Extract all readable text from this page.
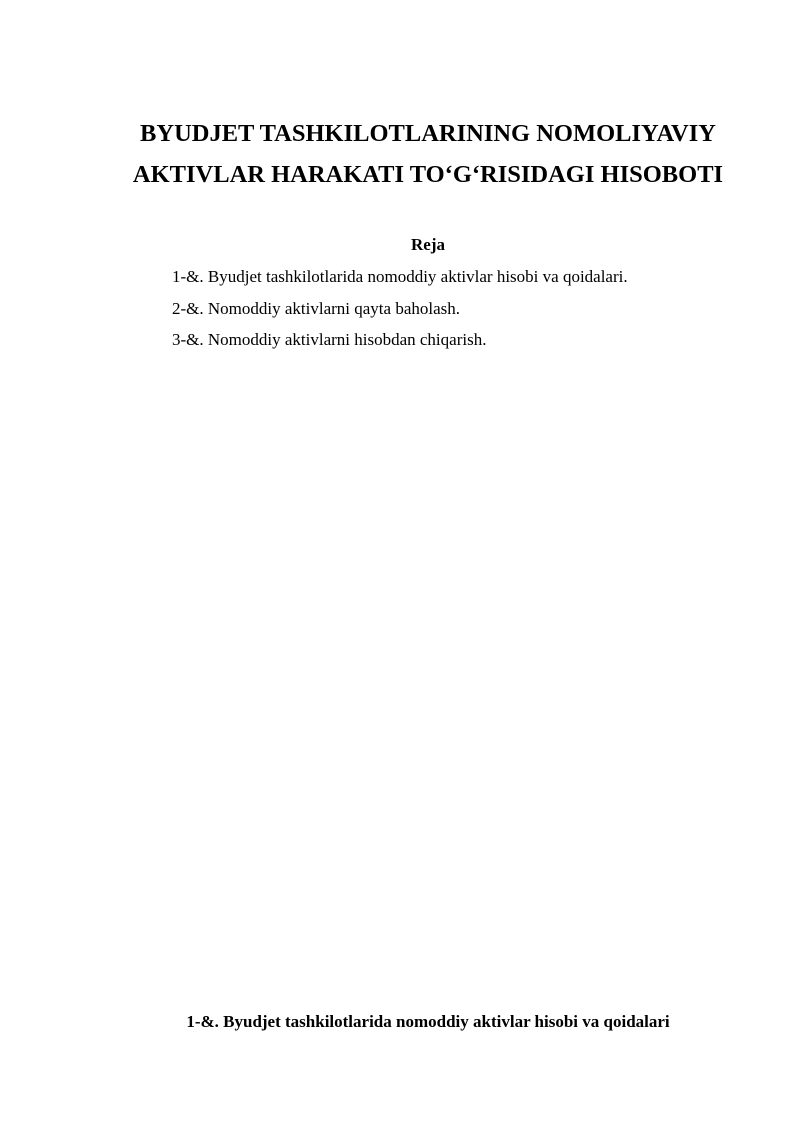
BYUDJET TASHKILOTLARINING NOMOLIYAVIY
AKTIVLAR HARAKATI TO‘G‘RISIDAGI HISOBOTI
Reja
1-&. Byudjet tashkilotlarida nomoddiy aktivlar hisobi va qoidalari.
2-&. Nomoddiy aktivlarni qayta baholash.
3-&. Nomoddiy aktivlarni hisobdan chiqarish.
1-&. Byudjet tashkilotlarida nomoddiy aktivlar hisobi va qoidalari
